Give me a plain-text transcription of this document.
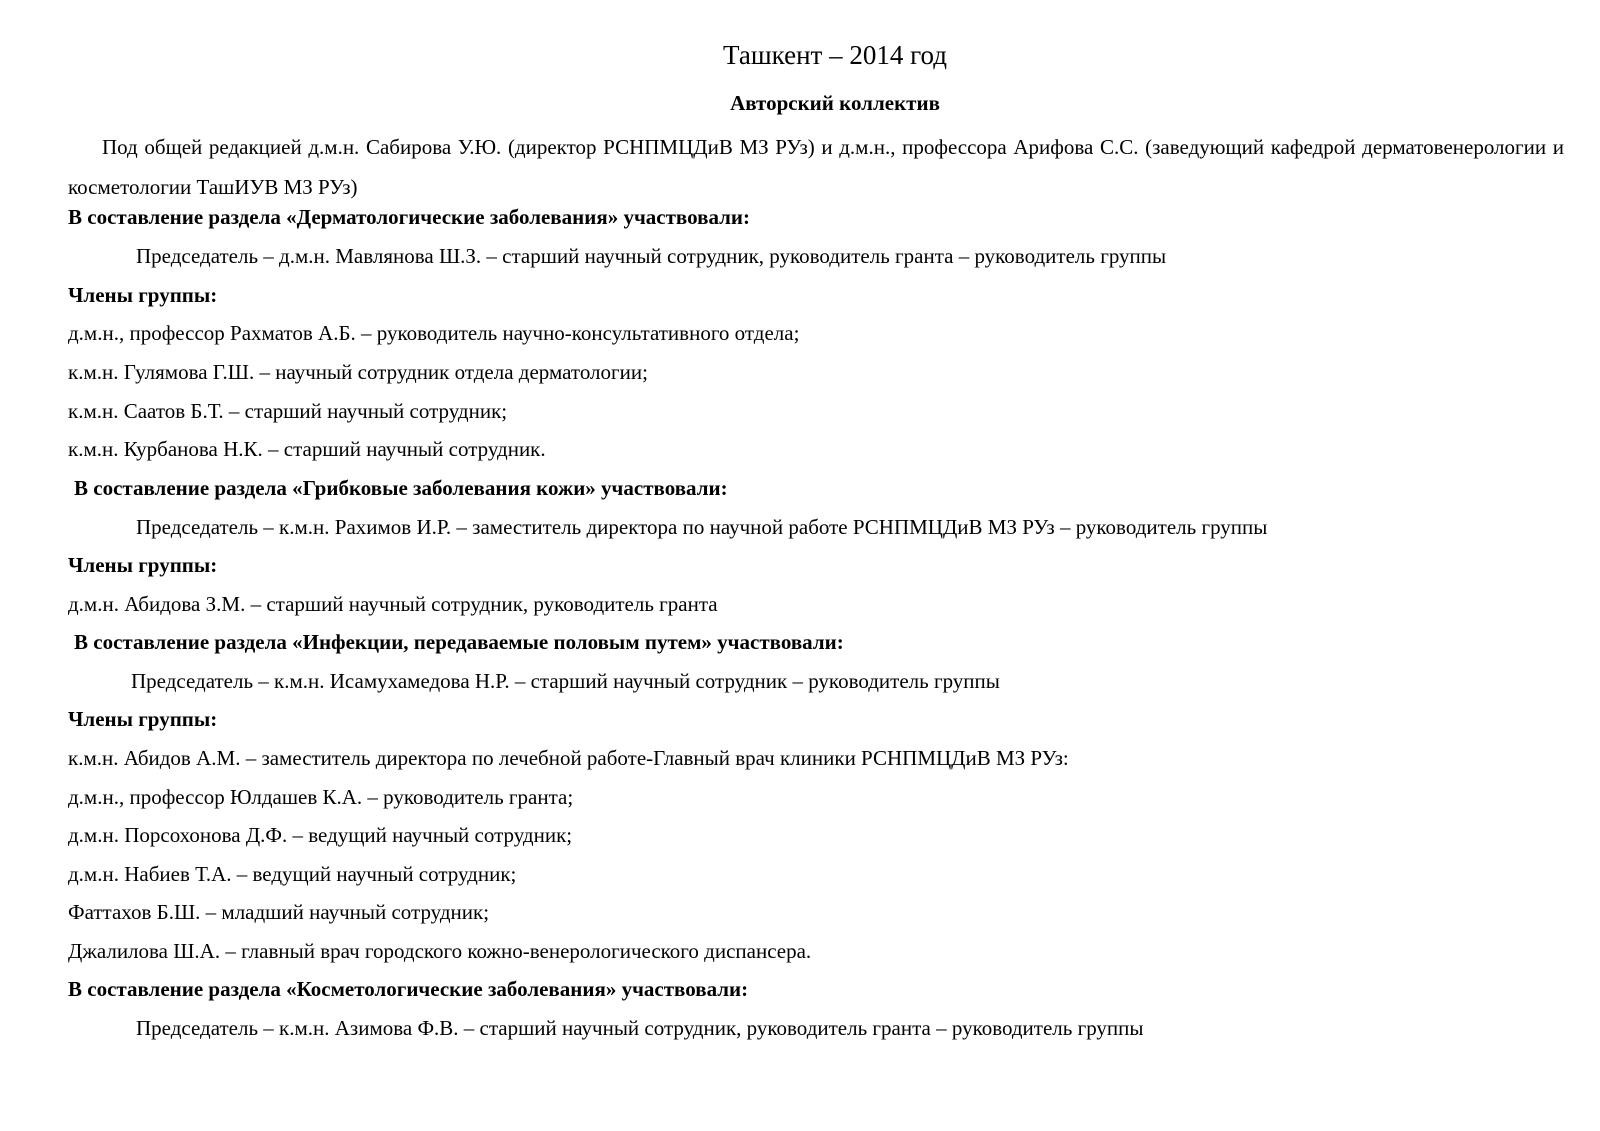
Ташкент – 2014 год
Авторский коллектив
Под общей редакцией д.м.н. Сабирова У.Ю. (директор РСНПМЦДиВ МЗ РУз) и д.м.н., профессора Арифова С.С. (заведующий кафедрой дерматовенерологии и косметологии ТашИУВ МЗ РУз)
В составление раздела «Дерматологические заболевания» участвовали:
Председатель – д.м.н. Мавлянова Ш.З. – старший научный сотрудник, руководитель гранта – руководитель группы
Члены группы:
д.м.н., профессор Рахматов А.Б. – руководитель научно-консультативного отдела;
к.м.н. Гулямова Г.Ш. – научный сотрудник отдела дерматологии;
к.м.н. Саатов Б.Т. – старший научный сотрудник;
к.м.н. Курбанова Н.К. – старший научный сотрудник.
В составление раздела «Грибковые заболевания кожи» участвовали:
Председатель – к.м.н. Рахимов И.Р. – заместитель директора по научной работе РСНПМЦДиВ МЗ РУз – руководитель группы
Члены группы:
д.м.н. Абидова З.М. – старший научный сотрудник, руководитель гранта
В составление раздела «Инфекции, передаваемые половым путем» участвовали:
Председатель – к.м.н. Исамухамедова Н.Р. – старший научный сотрудник – руководитель группы
Члены группы:
к.м.н. Абидов А.М. – заместитель директора по лечебной работе-Главный врач клиники РСНПМЦДиВ МЗ РУз:
д.м.н., профессор Юлдашев К.А. – руководитель гранта;
д.м.н. Порсохонова Д.Ф. – ведущий научный сотрудник;
д.м.н. Набиев Т.А. – ведущий научный сотрудник;
Фаттахов Б.Ш. – младший научный сотрудник;
Джалилова Ш.А. – главный врач городского кожно-венерологического диспансера.
В составление раздела «Косметологические заболевания» участвовали:
Председатель – к.м.н. Азимова Ф.В. – старший научный сотрудник, руководитель гранта – руководитель группы
